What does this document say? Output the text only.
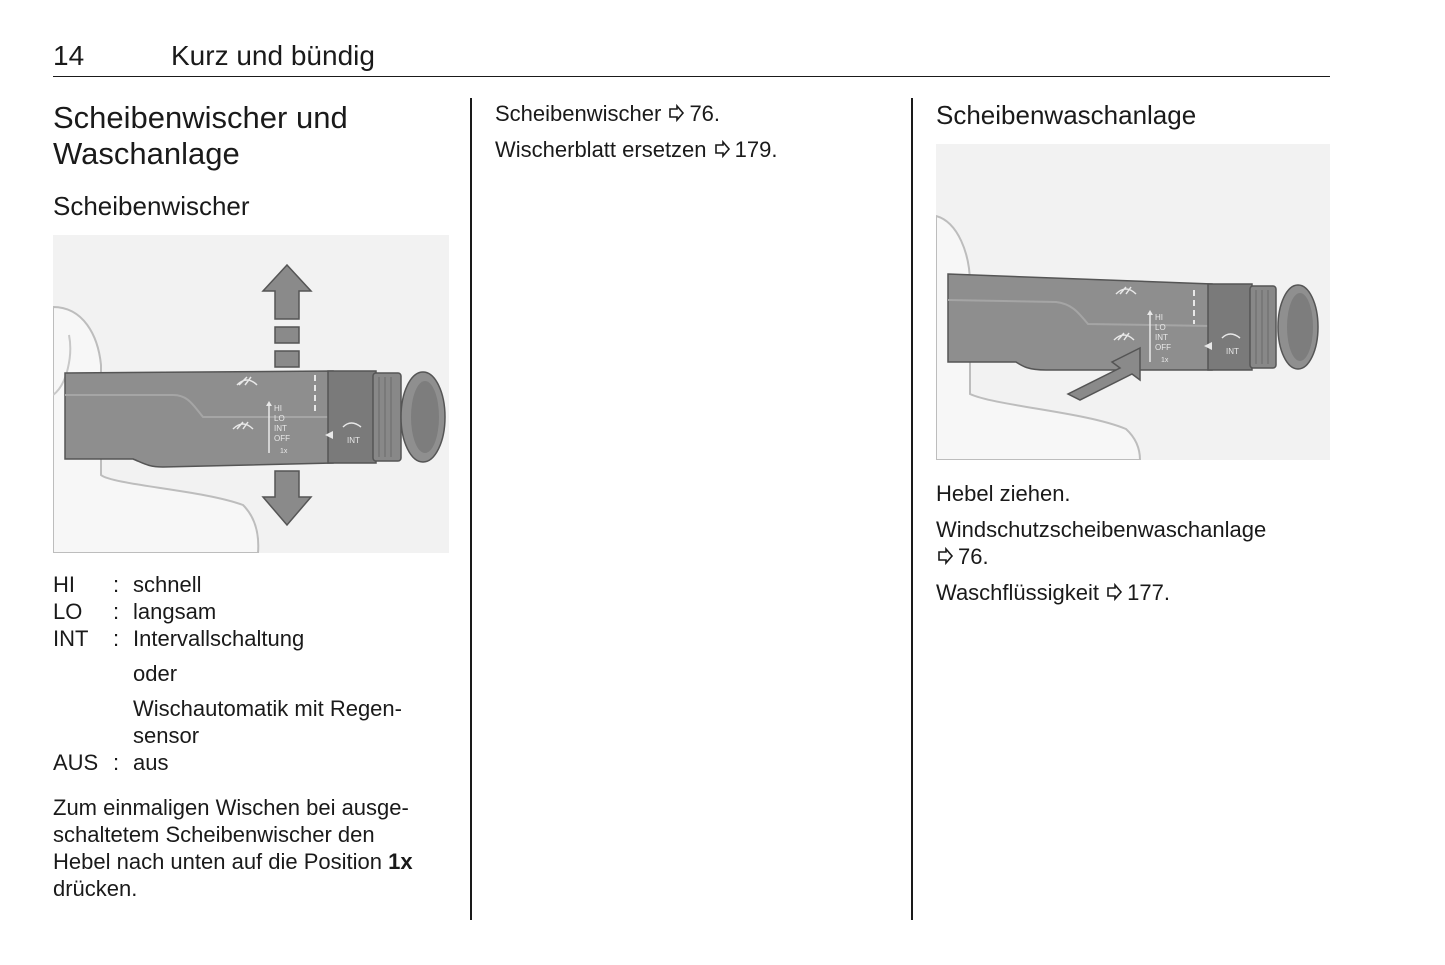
14	Kurz und bündig
Scheibenwischer und
Waschanlage
Scheibenwischer
HI
LO
INT
OFF
1x
INT
HI	: schnell
LO	: langsam
INT	: Intervallschaltung
oder
Wischautomatik mit Regen-
sensor
AUS : aus

Zum einmaligen Wischen bei ausge-
schaltetem Scheibenwischer den
Hebel nach unten auf die Position 1x
drücken.

Scheibenwischer 76.

Wischerblatt ersetzen 179.

Scheibenwaschanlage
HI
LO
INT
OFF
1x
INT

Hebel ziehen.

Windschutzscheibenwaschanlage
76.

Waschflüssigkeit 177.
